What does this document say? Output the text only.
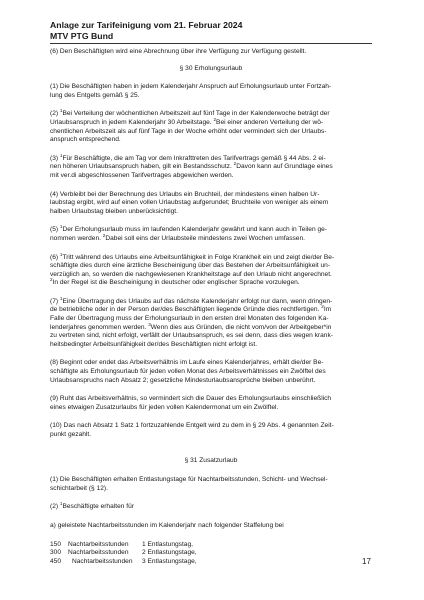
Anlage zur Tarifeinigung vom 21. Februar 2024
MTV PTG Bund

(6) Den Beschäftigten wird eine Abrechnung über ihre Verfügung zur Verfügung gestellt.

§ 30 Erholungsurlaub

(1) Die Beschäftigten haben in jedem Kalenderjahr Anspruch auf Erholungsurlaub unter Fortzah-
lung des Entgelts gemäß § 25.

(2) $^1$Bei Verteilung der wöchentlichen Arbeitszeit auf fünf Tage in der Kalenderwoche beträgt der
Urlaubsanspruch in jedem Kalenderjahr 30 Arbeitstage. $^2$Bei einer anderen Verteilung der wö-
chentlichen Arbeitszeit als auf fünf Tage in der Woche erhöht oder vermindert sich der Urlaubs-
anspruch entsprechend.

(3) $^1$Für Beschäftigte, die am Tag vor dem Inkrafttreten des Tarifvertrags gemäß § 44 Abs. 2 ei-
nen höheren Urlaubsanspruch haben, gilt ein Bestandsschutz. $^2$Davon kann auf Grundlage eines
mit ver.di abgeschlossenen Tarifvertrages abgewichen werden.

(4) Verbleibt bei der Berechnung des Urlaubs ein Bruchteil, der mindestens einen halben Ur-
laubstag ergibt, wird auf einen vollen Urlaubstag aufgerundet; Bruchteile von weniger als einem
halben Urlaubstag bleiben unberücksichtigt.

(5) $^1$Der Erholungsurlaub muss im laufenden Kalenderjahr gewährt und kann auch in Teilen ge-
nommen werden. $^2$Dabei soll eins der Urlaubsteile mindestens zwei Wochen umfassen.

(6) $^1$Tritt während des Urlaubs eine Arbeitsunfähigkeit in Folge Krankheit ein und zeigt die/der Be-
schäftigte dies durch eine ärztliche Bescheinigung über das Bestehen der Arbeitsunfähigkeit un-
verzüglich an, so werden die nachgewiesenen Krankheitstage auf den Urlaub nicht angerechnet.
$^2$In der Regel ist die Bescheinigung in deutscher oder englischer Sprache vorzulegen.

(7) $^1$Eine Übertragung des Urlaubs auf das nächste Kalenderjahr erfolgt nur dann, wenn dringen-
de betriebliche oder in der Person der/des Beschäftigten liegende Gründe dies rechtfertigen. $^2$Im
Falle der Übertragung muss der Erholungsurlaub in den ersten drei Monaten des folgenden Ka-
lenderjahres genommen werden. $^3$Wenn dies aus Gründen, die nicht vom/von der Arbeitgeber*in
zu vertreten sind, nicht erfolgt, verfällt der Urlaubsanspruch, es sei denn, dass dies wegen krank-
heitsbedingter Arbeitsunfähigkeit der/des Beschäftigten nicht erfolgt ist.

(8) Beginnt oder endet das Arbeitsverhältnis im Laufe eines Kalenderjahres, erhält die/der Be-
schäftigte als Erholungsurlaub für jeden vollen Monat des Arbeitsverhältnisses ein Zwölftel des
Urlaubsanspruchs nach Absatz 2; gesetzliche Mindesturlaubsansprüche bleiben unberührt.

(9) Ruht das Arbeitsverhältnis, so vermindert sich die Dauer des Erholungsurlaubs einschließlich
eines etwaigen Zusatzurlaubs für jeden vollen Kalendermonat um ein Zwölftel.

(10) Das nach Absatz 1 Satz 1 fortzuzahlende Entgelt wird zu dem in § 29 Abs. 4 genannten Zeit-
punkt gezahlt.

§ 31 Zusatzurlaub

(1) Die Beschäftigten erhalten Entlastungstage für Nachtarbeitsstunden, Schicht- und Wechsel-
schichtarbeit (§ 12).

(2) $^1$Beschäftigte erhalten für

a) geleistete Nachtarbeitsstunden im Kalenderjahr nach folgender Staffelung bei

150	Nachtarbeitsstunden	1 Entlastungstag,
300	Nachtarbeitsstunden	2 Entlastungstage,
450	Nachtarbeitsstunden	3 Entlastungstage,	17
